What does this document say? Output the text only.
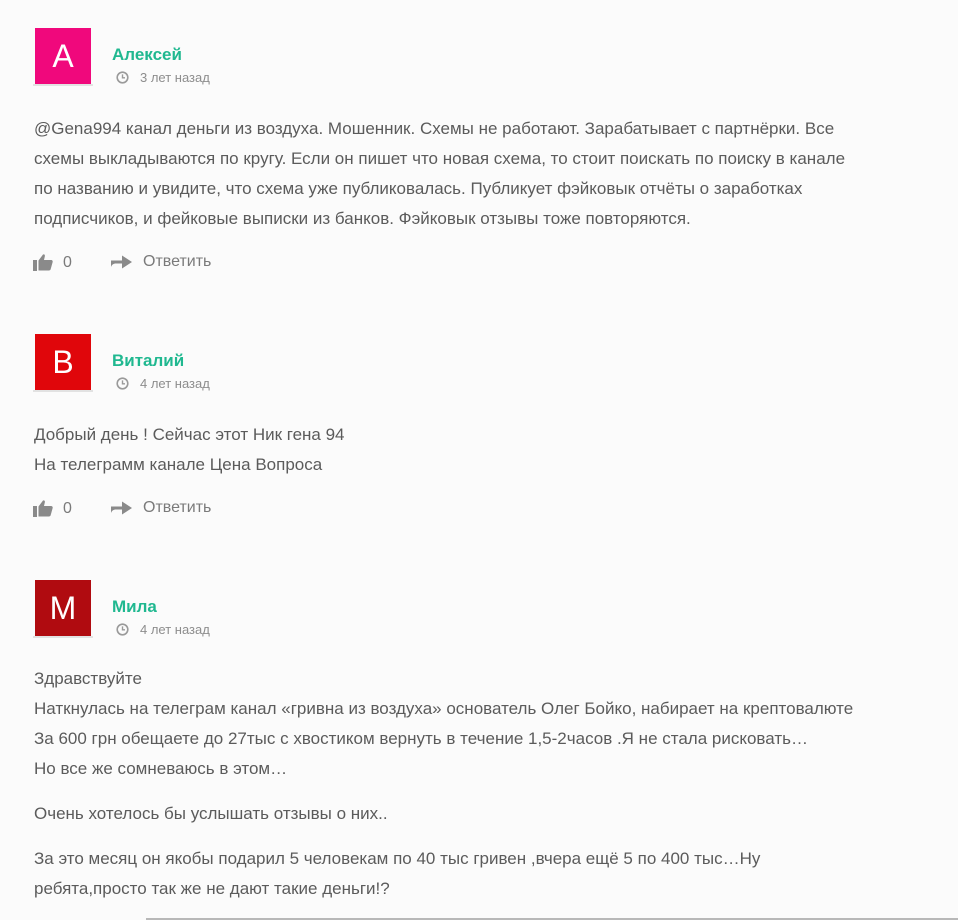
A	Алексей
3 лет назад

@Gena994 канал деньги из воздуха. Мошенник. Схемы не работают. Зарабатывает с партнёрки. Все

схемы выкладываются по кругу. Если он пишет что новая схема, то стоит поискать по поиску в канале

по названию и увидите, что схема уже публиковалась. Публикует фэйковык отчёты о заработках

подписчиков, и фейковые выписки из банков. Фэйковык отзывы тоже повторяются.

0	Ответить
В	Виталий
4 лет назад

Добрый день ! Сейчас этот Ник гена 94

На телеграмм канале Цена Вопроса

0	Ответить
М	Мила
4 лет назад

Здравствуйте

Наткнулась на телеграм канал «гривна из воздуха» основатель Олег Бойко, набирает на крептовалюте

За 600 грн обещаете до 27тыс с хвостиком вернуть в течение 1,5-2часов .Я не стала рисковать…

Но все же сомневаюсь в этом…

Очень хотелось бы услышать отзывы о них..

За это месяц он якобы подарил 5 человекам по 40 тыс гривен ,вчера ещё 5 по 400 тыс…Ну

ребята,просто так же не дают такие деньги!?
